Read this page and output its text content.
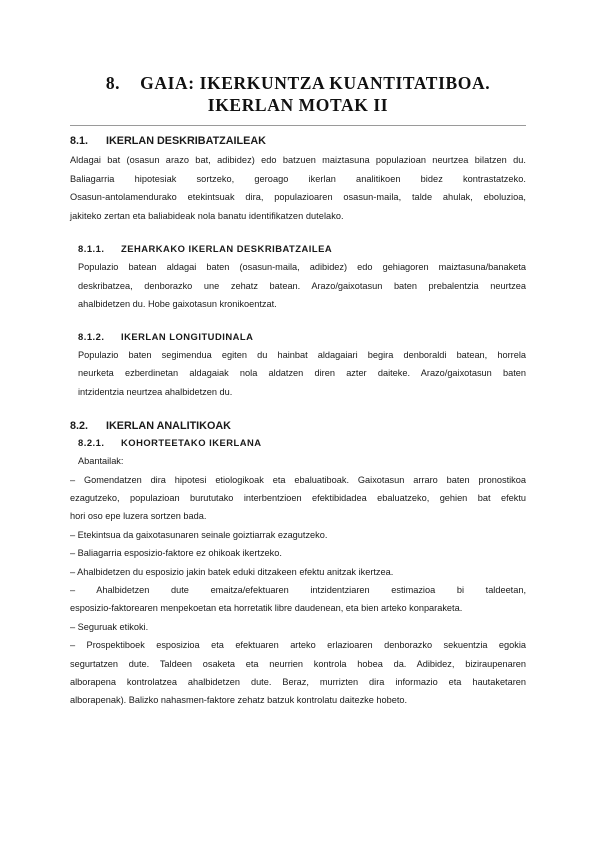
8. GAIA: IKERKUNTZA KUANTITATIBOA.
IKERLAN MOTAK II
8.1. IKERLAN DESKRIBATZAILEAK

Aldagai bat (osasun arazo bat, adibidez) edo batzuen maiztasuna populazioan neurtzea bilatzen du.

Baliagarria hipotesiak sortzeko, geroago ikerlan analitikoen bidez kontrastatzeko.

Osasun-antolamendurako etekintsuak dira, populazioaren osasun-maila, talde ahulak, eboluzioa,

jakiteko zertan eta baliabideak nola banatu identifikatzen dutelako.

8.1.1. ZEHARKAKO IKERLAN DESKRIBATZAILEA

Populazio batean aldagai baten (osasun-maila, adibidez) edo gehiagoren maiztasuna/banaketa

deskribatzea, denborazko une zehatz batean. Arazo/gaixotasun baten prebalentzia neurtzea

ahalbidetzen du. Hobe gaixotasun kronikoentzat.

8.1.2. IKERLAN LONGITUDINALA

Populazio baten segimendua egiten du hainbat aldagaiari begira denboraldi batean, horrela

neurketa ezberdinetan aldagaiak nola aldatzen diren azter daiteke. Arazo/gaixotasun baten

intzidentzia neurtzea ahalbidetzen du.

8.2. IKERLAN ANALITIKOAK
8.2.1. KOHORTEETAKO IKERLANA

Abantailak:

– Gomendatzen dira hipotesi etiologikoak eta ebaluatiboak. Gaixotasun arraro baten pronostikoa
ezagutzeko, populazioan burututako interbentzioen efektibidadea ebaluatzeko, gehien bat efektu
hori oso epe luzera sortzen bada.
– Etekintsua da gaixotasunaren seinale goiztiarrak ezagutzeko.
– Baliagarria esposizio-faktore ez ohikoak ikertzeko.
– Ahalbidetzen du esposizio jakin batek eduki ditzakeen efektu anitzak ikertzea.
– Ahalbidetzen dute emaitza/efektuaren intzidentziaren estimazioa bi taldeetan,
esposizio-faktorearen menpekoetan eta horretatik libre daudenean, eta bien arteko konparaketa.
– Seguruak etikoki.
– Prospektiboek esposizioa eta efektuaren arteko erlazioaren denborazko sekuentzia egokia
segurtatzen dute. Taldeen osaketa eta neurrien kontrola hobea da. Adibidez, biziraupenaren
alborapena kontrolatzea ahalbidetzen dute. Beraz, murrizten dira informazio eta hautaketaren
alborapenak). Balizko nahasmen-faktore zehatz batzuk kontrolatu daitezke hobeto.
